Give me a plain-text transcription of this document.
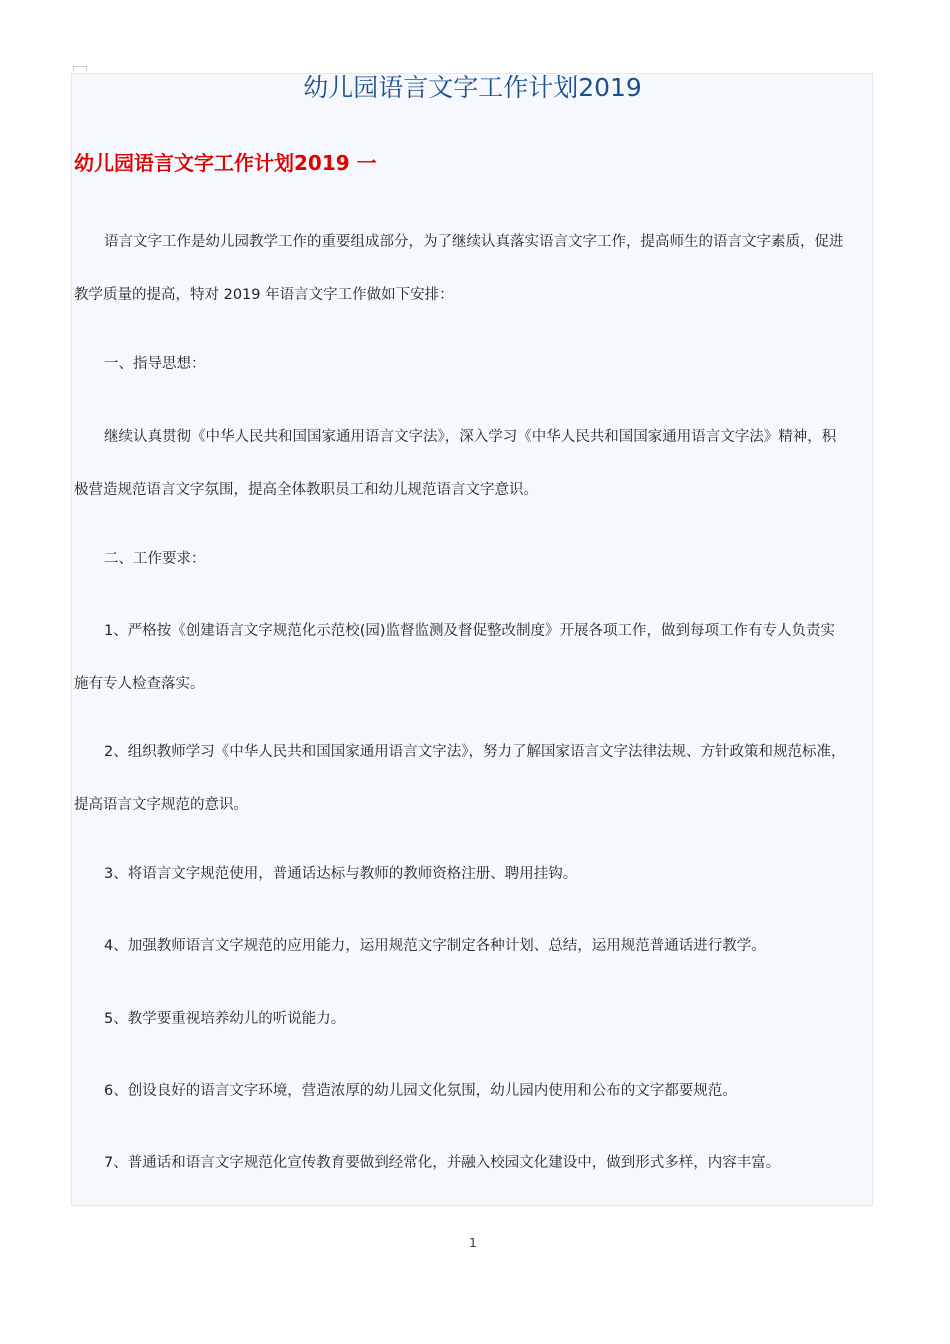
幼儿园语言文字工作计划2019
幼儿园语言文字工作计划2019 一
语言文字工作是幼儿园教学工作的重要组成部分，为了继续认真落实语言文字工作，提高师生的语言文字素质，促进
教学质量的提高，特对 2019 年语言文字工作做如下安排：
一、指导思想：
继续认真贯彻《中华人民共和国国家通用语言文字法》，深入学习《中华人民共和国国家通用语言文字法》精神，积
极营造规范语言文字氛围，提高全体教职员工和幼儿规范语言文字意识。
二、工作要求：
1、严格按《创建语言文字规范化示范校(园)监督监测及督促整改制度》开展各项工作，做到每项工作有专人负责实
施有专人检查落实。
2、组织教师学习《中华人民共和国国家通用语言文字法》，努力了解国家语言文字法律法规、方针政策和规范标准，
提高语言文字规范的意识。
3、将语言文字规范使用，普通话达标与教师的教师资格注册、聘用挂钩。
4、加强教师语言文字规范的应用能力，运用规范文字制定各种计划、总结，运用规范普通话进行教学。
5、教学要重视培养幼儿的听说能力。
6、创设良好的语言文字环境，营造浓厚的幼儿园文化氛围，幼儿园内使用和公布的文字都要规范。
7、普通话和语言文字规范化宣传教育要做到经常化，并融入校园文化建设中，做到形式多样，内容丰富。
1
